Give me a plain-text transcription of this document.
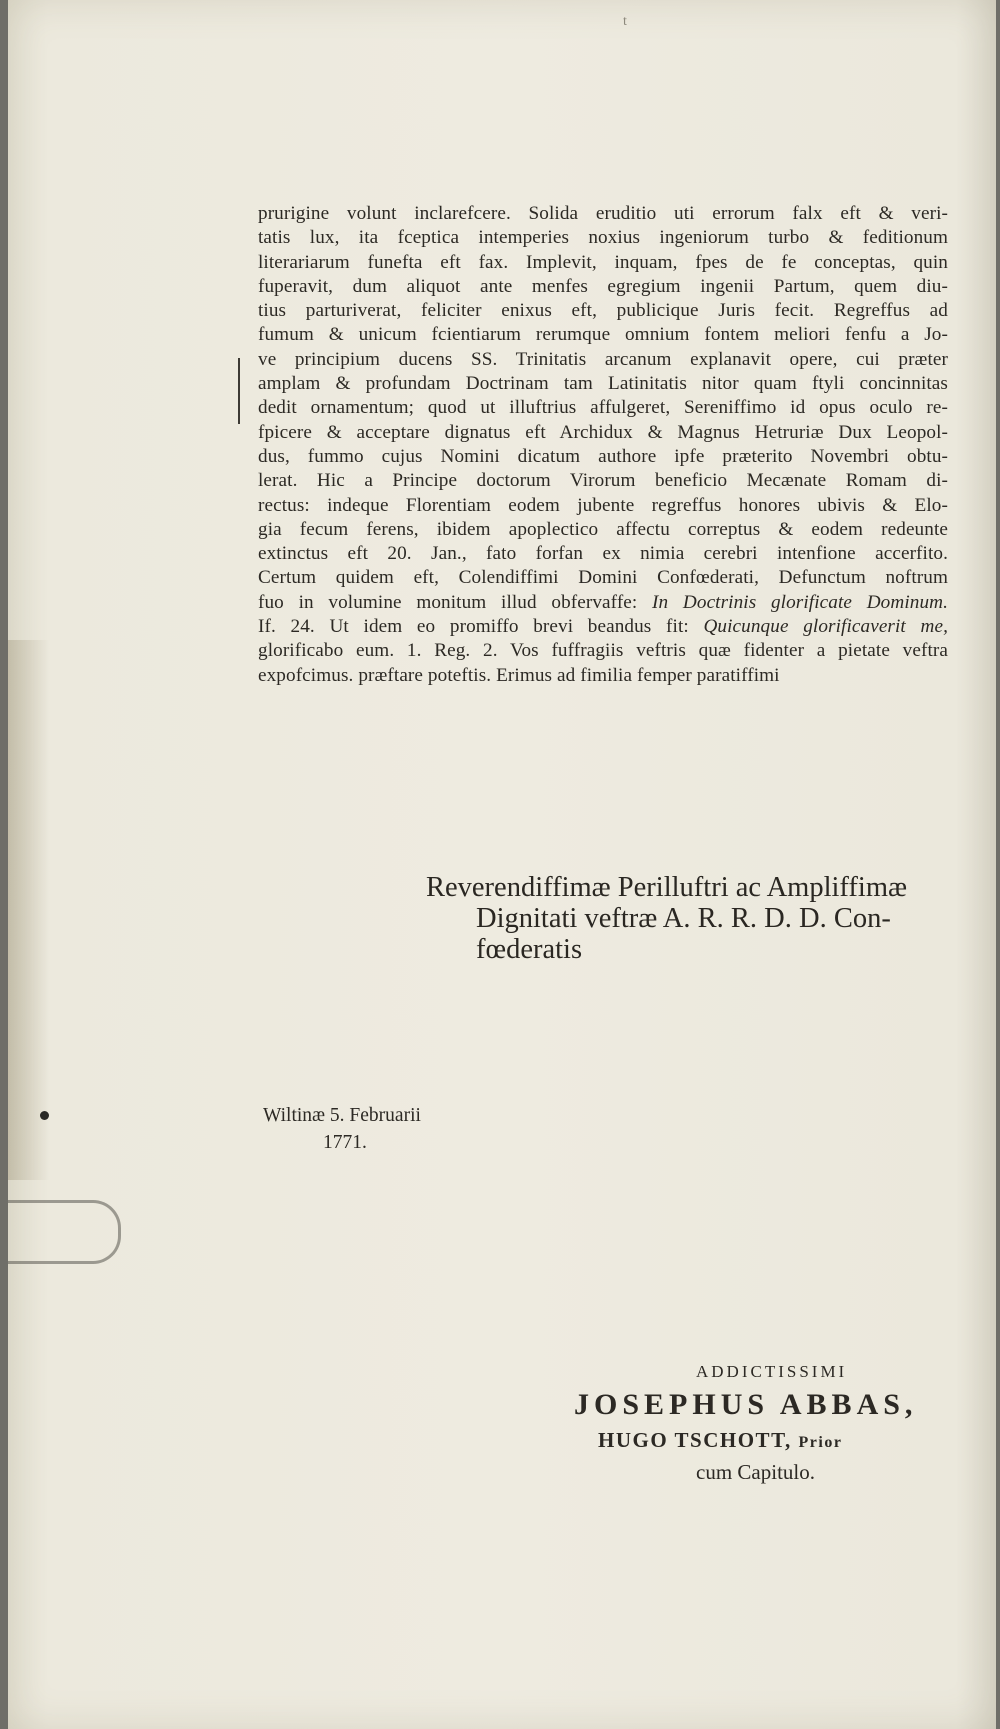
t
prurigine volunt inclarefcere. Solida eruditio uti errorum falx eft & veri-
tatis lux, ita fceptica intemperies noxius ingeniorum turbo & feditionum
literariarum funefta eft fax. Implevit, inquam, fpes de fe conceptas, quin
fuperavit, dum aliquot ante menfes egregium ingenii Partum, quem diu-
tius parturiverat, feliciter enixus eft, publicique Juris fecit. Regreffus ad
fumum & unicum fcientiarum rerumque omnium fontem meliori fenfu a Jo-
ve principium ducens SS. Trinitatis arcanum explanavit opere, cui præter
amplam & profundam Doctrinam tam Latinitatis nitor quam ftyli concinnitas
dedit ornamentum; quod ut illuftrius affulgeret, Sereniffimo id opus oculo re-
fpicere & acceptare dignatus eft Archidux & Magnus Hetruriæ Dux Leopol-
dus, fummo cujus Nomini dicatum authore ipfe præterito Novembri obtu-
lerat. Hic a Principe doctorum Virorum beneficio Mecænate Romam di-
rectus: indeque Florentiam eodem jubente regreffus honores ubivis & Elo-
gia fecum ferens, ibidem apoplectico affectu correptus & eodem redeunte
extinctus eft 20. Jan., fato forfan ex nimia cerebri intenfione accerfito.
Certum quidem eft, Colendiffimi Domini Confœderati, Defunctum noftrum
fuo in volumine monitum illud obfervaffe: In Doctrinis glorificate Dominum.
If. 24. Ut idem eo promiffo brevi beandus fit: Quicunque glorificaverit me,
glorificabo eum. 1. Reg. 2. Vos fuffragiis veftris quæ fidenter a pietate veftra
expofcimus. præftare poteftis. Erimus ad fimilia femper paratiffimi
Reverendiffimæ Perilluftri ac Ampliffimæ
Dignitati veftræ A. R. R. D. D. Con-
fœderatis
Wiltinæ 5. Februarii
1771.
ADDICTISSIMI
JOSEPHUS ABBAS,
HUGO TSCHOTT, Prior
cum Capitulo.
